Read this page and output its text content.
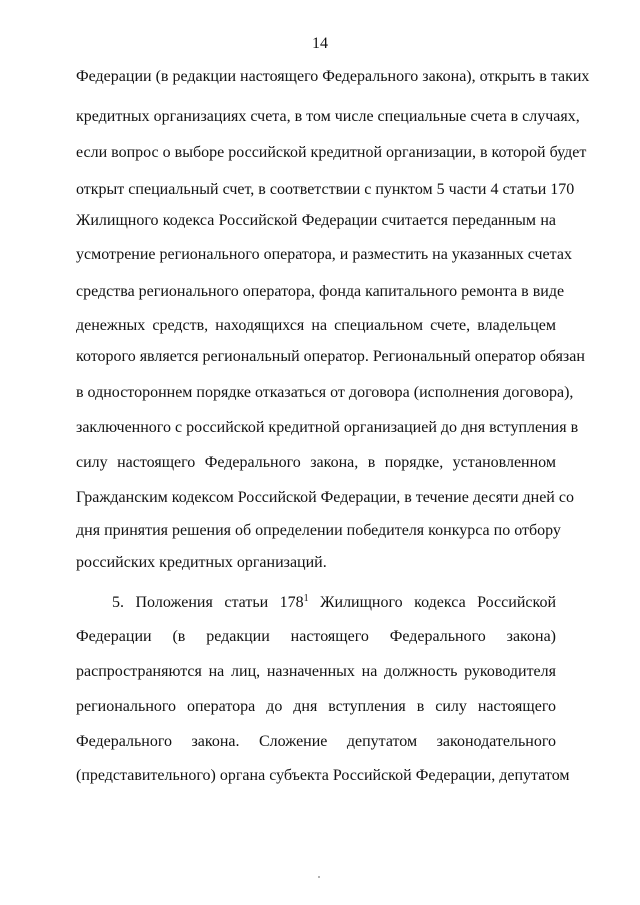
14
Федерации (в редакции настоящего Федерального закона), открыть в таких
кредитных организациях счета, в том числе специальные счета в случаях,
если вопрос о выборе российской кредитной организации, в которой будет
открыт специальный счет, в соответствии с пунктом 5 части 4 статьи 170
Жилищного кодекса Российской Федерации считается переданным на
усмотрение регионального оператора, и разместить на указанных счетах
средства регионального оператора, фонда капитального ремонта в виде
денежных средств, находящихся на специальном счете, владельцем
которого является региональный оператор. Региональный оператор обязан
в одностороннем порядке отказаться от договора (исполнения договора),
заключенного с российской кредитной организацией до дня вступления в
силу настоящего Федерального закона, в порядке, установленном
Гражданским кодексом Российской Федерации, в течение десяти дней со
дня принятия решения об определении победителя конкурса по отбору
российских кредитных организаций.
5. Положения статьи $178^1$ Жилищного кодекса Российской
Федерации (в редакции настоящего Федерального закона)
распространяются на лиц, назначенных на должность руководителя
регионального оператора до дня вступления в силу настоящего
Федерального закона. Сложение депутатом законодательного
(представительного) органа субъекта Российской Федерации, депутатом
